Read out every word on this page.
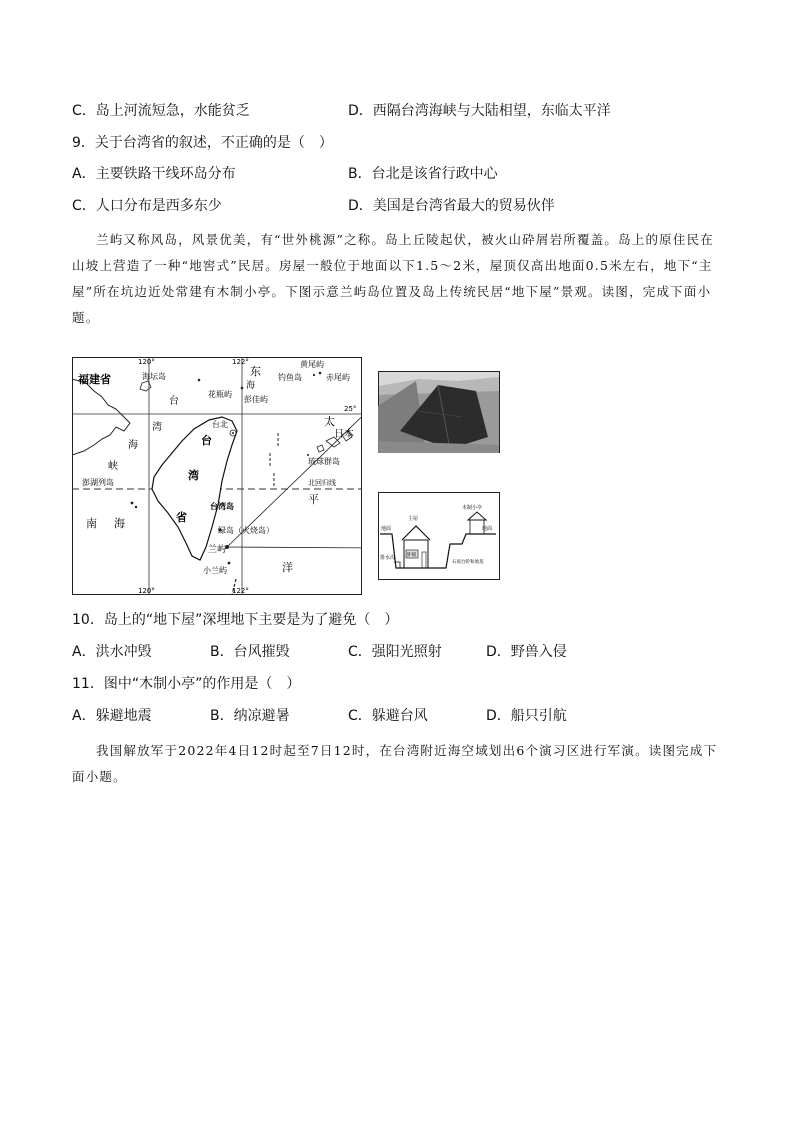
C．岛上河流短急，水能贫乏	D．西隔台湾海峡与大陆相望，东临太平洋
9．关于台湾省的叙述，不正确的是（　）
A．主要铁路干线环岛分布	B．台北是该省行政中心
C．人口分布是西多东少	D．美国是台湾省最大的贸易伙伴
兰屿又称风岛，风景优美，有“世外桃源”之称。岛上丘陵起伏，被火山砕屑岩所覆盖。岛上的原住民在山坡上营造了一种“地窖式”民居。房屋一般位于地面以下1.5～2米，屋顶仅高出地面0.5米左右，地下“主屋”所在坑边近处常建有木制小亭。下图示意兰屿岛位置及岛上传统民居“地下屋”景观。读图，完成下面小题。
120°	122°
120°	122°
25°
福建省	海坛岛	东
海
彭佳屿
黄尾屿
钓鱼岛	赤尾屿
花瓶屿
台
湾
海
峡
台北
台
湾
省
澎湖列岛
台湾岛
绿岛（火烧岛）
兰屿
小兰屿
北回归线
南 海
太
平
洋
日本
琉球群岛
主屋
木制小亭
地面	地面
排水沟	卧铺
石质台阶和地基
10．岛上的“地下屋”深埋地下主要是为了避免（　）
A．洪水冲毁	B．台风摧毁	C．强阳光照射	D．野兽入侵
11．图中“木制小亭”的作用是（　）
A．躲避地震	B．纳凉避暑	C．躲避台风	D．船只引航
我国解放军于2022年4日12时起至7日12时，在台湾附近海空域划出6个演习区进行军演。读图完成下面小题。
